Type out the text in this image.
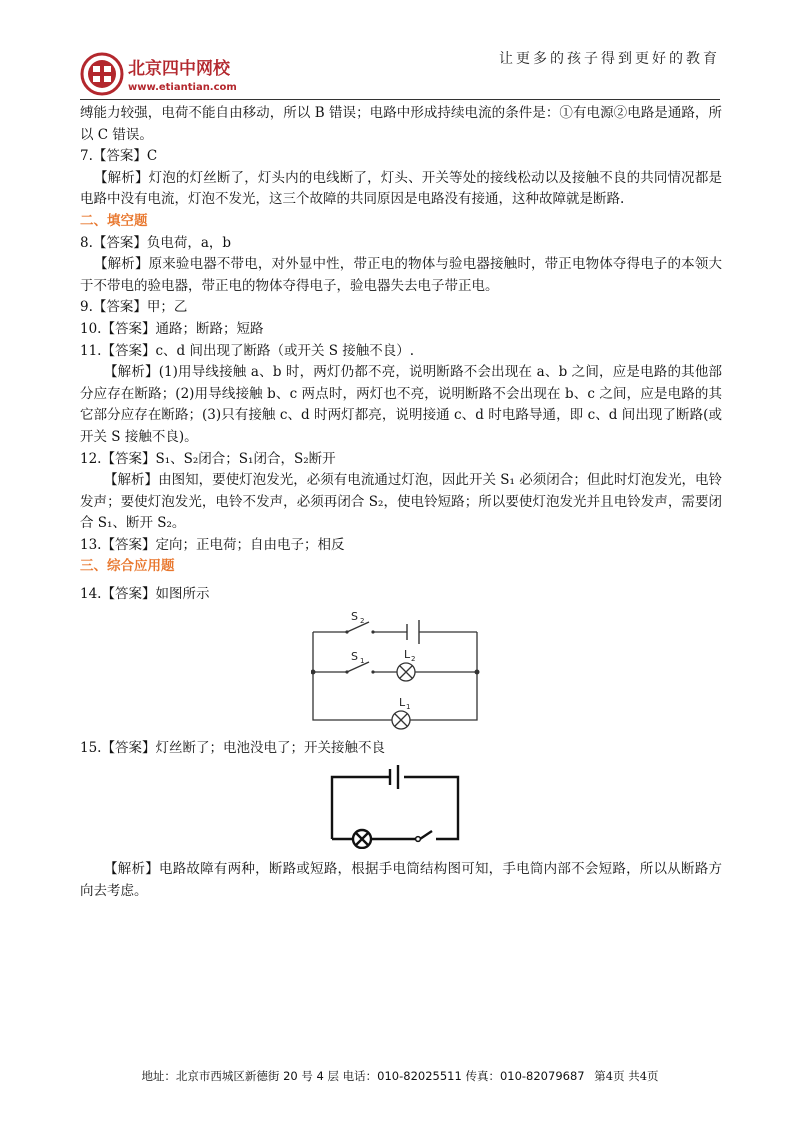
北京四中网校
www.etiantian.com
让更多的孩子得到更好的教育

缚能力较强，电荷不能自由移动，所以 B 错误；电路中形成持续电流的条件是：①有电源②电路是通路，所以 C 错误。

7.【答案】C

【解析】灯泡的灯丝断了，灯头内的电线断了，灯头、开关等处的接线松动以及接触不良的共同情况都是电路中没有电流，灯泡不发光，这三个故障的共同原因是电路没有接通，这种故障就是断路.

二、填空题

8.【答案】负电荷，a，b

【解析】原来验电器不带电，对外显中性，带正电的物体与验电器接触时，带正电物体夺得电子的本领大于不带电的验电器，带正电的物体夺得电子，验电器失去电子带正电。

9.【答案】甲；乙

10.【答案】通路；断路；短路

11.【答案】c、d 间出现了断路（或开关 S 接触不良）.

【解析】(1)用导线接触 a、b 时，两灯仍都不亮，说明断路不会出现在 a、b 之间，应是电路的其他部分应存在断路；(2)用导线接触 b、c 两点时，两灯也不亮，说明断路不会出现在 b、c 之间，应是电路的其它部分应存在断路；(3)只有接触 c、d 时两灯都亮，说明接通 c、d 时电路导通，即 c、d 间出现了断路(或开关 S 接触不良)。

12.【答案】S₁、S₂闭合；S₁闭合，S₂断开

【解析】由图知，要使灯泡发光，必须有电流通过灯泡，因此开关 S₁ 必须闭合；但此时灯泡发光，电铃发声；要使灯泡发光，电铃不发声，必须再闭合 S₂，使电铃短路；所以要使灯泡发光并且电铃发声，需要闭合 S₁、断开 S₂。

13.【答案】定向；正电荷；自由电子；相反

三、综合应用题

14.【答案】如图所示

S 2
S 1	L 2
L 1

15.【答案】灯丝断了；电池没电了；开关接触不良

【解析】电路故障有两种，断路或短路，根据手电筒结构图可知，手电筒内部不会短路，所以从断路方向去考虑。

地址：北京市西城区新德街 20 号 4 层 电话：010-82025511 传真：010-82079687 第4页 共4页
